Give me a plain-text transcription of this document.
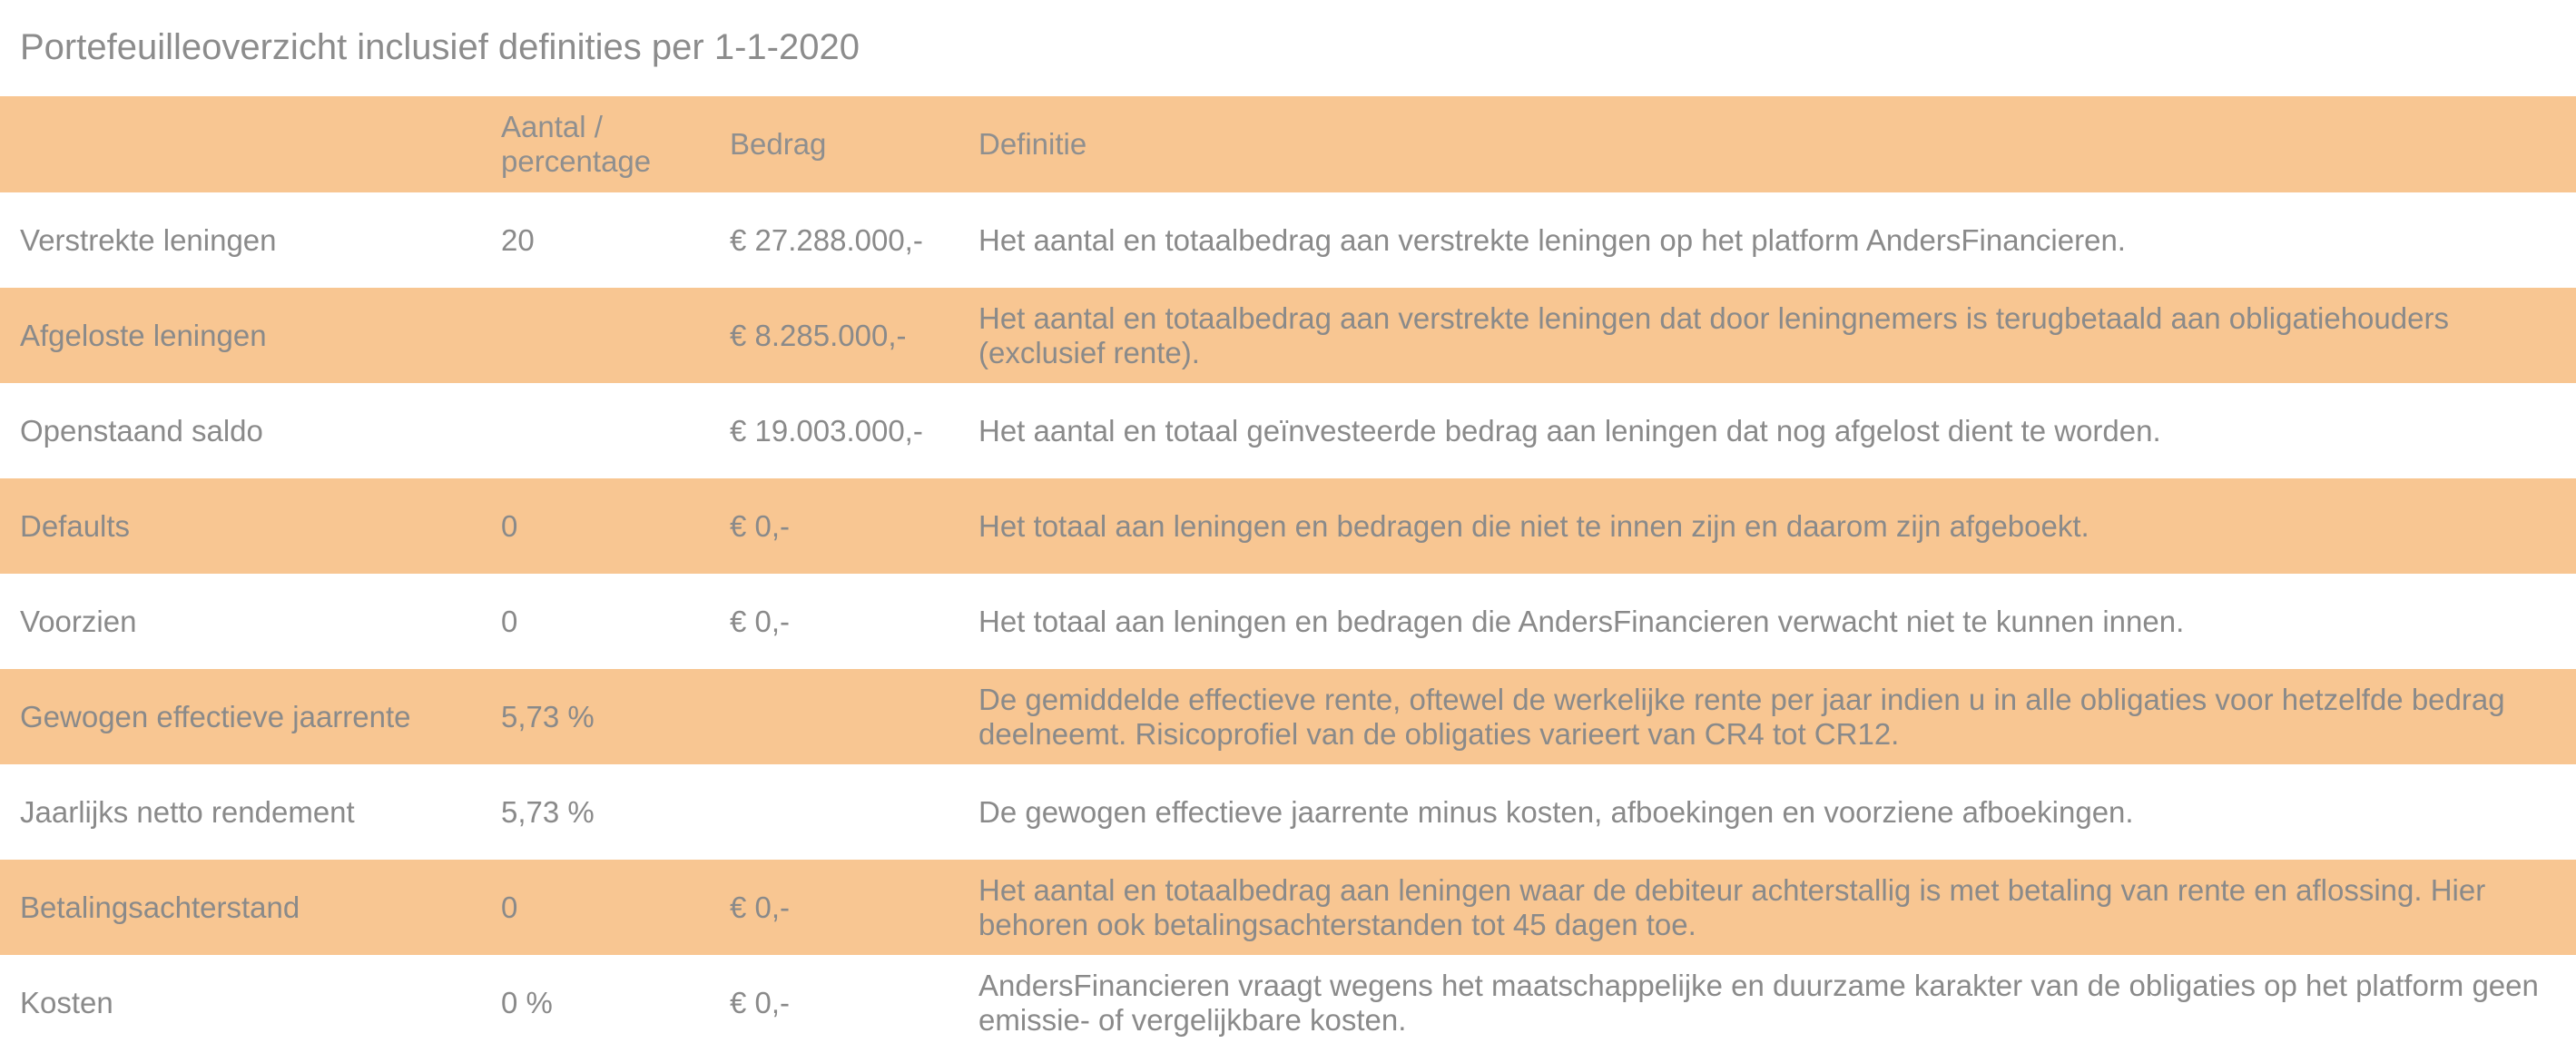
Portefeuilleoverzicht inclusief definities per 1-1-2020
	Aantal / percentage	Bedrag	Definitie
Verstrekte leningen	20	€ 27.288.000,-	Het aantal en totaalbedrag aan verstrekte leningen op het platform AndersFinancieren.
Afgeloste leningen		€ 8.285.000,-	Het aantal en totaalbedrag aan verstrekte leningen dat door leningnemers is terugbetaald aan obligatiehouders (exclusief rente).
Openstaand saldo		€ 19.003.000,-	Het aantal en totaal geïnvesteerde bedrag aan leningen dat nog afgelost dient te worden.
Defaults	0	€ 0,-	Het totaal aan leningen en bedragen die niet te innen zijn en daarom zijn afgeboekt.
Voorzien	0	€ 0,-	Het totaal aan leningen en bedragen die AndersFinancieren verwacht niet te kunnen innen.
Gewogen effectieve jaarrente	5,73 %		De gemiddelde effectieve rente, oftewel de werkelijke rente per jaar indien u in alle obligaties voor hetzelfde bedrag deelneemt. Risicoprofiel van de obligaties varieert van CR4 tot CR12.
Jaarlijks netto rendement	5,73 %		De gewogen effectieve jaarrente minus kosten, afboekingen en voorziene afboekingen.
Betalingsachterstand	0	€ 0,-	Het aantal en totaalbedrag aan leningen waar de debiteur achterstallig is met betaling van rente en aflossing. Hier behoren ook betalingsachterstanden tot 45 dagen toe.
Kosten	0 %	€ 0,-	AndersFinancieren vraagt wegens het maatschappelijke en duurzame karakter van de obligaties op het platform geen emissie- of vergelijkbare kosten.
